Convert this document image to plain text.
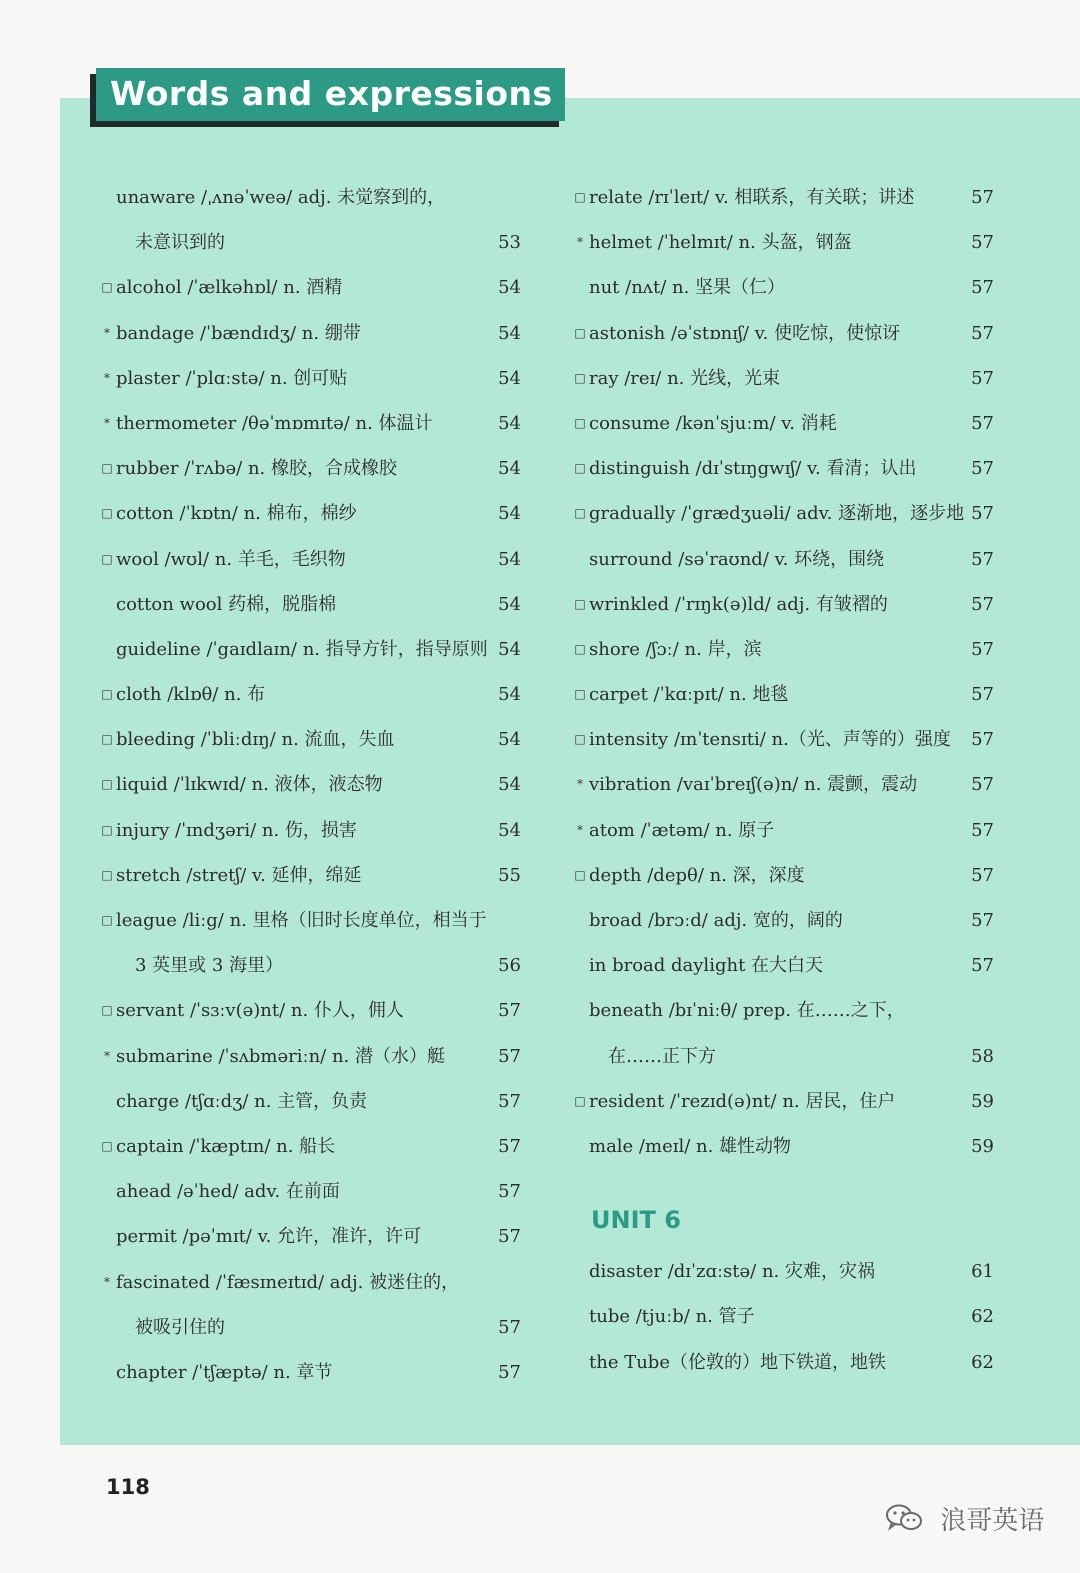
Words and expressions
unaware /ˌʌnəˈweə/ adj. 未觉察到的，
未意识到的	53
□ alcohol /ˈælkəhɒl/ n. 酒精	54
* bandage /ˈbændɪdʒ/ n. 绷带	54
* plaster /ˈplɑːstə/ n. 创可贴	54
* thermometer /θəˈmɒmɪtə/ n. 体温计	54
□ rubber /ˈrʌbə/ n. 橡胶，合成橡胶	54
□ cotton /ˈkɒtn/ n. 棉布，棉纱	54
□ wool /wʊl/ n. 羊毛，毛织物	54
cotton wool 药棉，脱脂棉	54
guideline /ˈgaɪdlaɪn/ n. 指导方针，指导原则 54
□ cloth /klɒθ/ n. 布	54
□ bleeding /ˈbliːdɪŋ/ n. 流血，失血	54
□ liquid /ˈlɪkwɪd/ n. 液体，液态物	54
□ injury /ˈɪndʒəri/ n. 伤，损害	54
□ stretch /stretʃ/ v. 延伸，绵延	55
□ league /liːg/ n. 里格（旧时长度单位，相当于
3 英里或 3 海里）	56
□ servant /ˈsɜːv(ə)nt/ n. 仆人，佣人	57
* submarine /ˈsʌbməriːn/ n. 潜（水）艇	57
charge /tʃɑːdʒ/ n. 主管，负责	57
□ captain /ˈkæptɪn/ n. 船长	57
ahead /əˈhed/ adv. 在前面	57
permit /pəˈmɪt/ v. 允许，准许，许可	57
* fascinated /ˈfæsɪneɪtɪd/ adj. 被迷住的，
被吸引住的	57
chapter /ˈtʃæptə/ n. 章节	57
□ relate /rɪˈleɪt/ v. 相联系，有关联；讲述	57
* helmet /ˈhelmɪt/ n. 头盔，钢盔	57
nut /nʌt/ n. 坚果（仁）	57
□ astonish /əˈstɒnɪʃ/ v. 使吃惊，使惊讶	57
□ ray /reɪ/ n. 光线，光束	57
□ consume /kənˈsjuːm/ v. 消耗	57
□ distinguish /dɪˈstɪŋgwɪʃ/ v. 看清；认出	57
□ gradually /ˈgrædʒuəli/ adv. 逐渐地，逐步地 57
surround /səˈraʊnd/ v. 环绕，围绕	57
□ wrinkled /ˈrɪŋk(ə)ld/ adj. 有皱褶的	57
□ shore /ʃɔː/ n. 岸，滨	57
□ carpet /ˈkɑːpɪt/ n. 地毯	57
□ intensity /ɪnˈtensɪti/ n.（光、声等的）强度 57
* vibration /vaɪˈbreɪʃ(ə)n/ n. 震颤，震动	57
* atom /ˈætəm/ n. 原子	57
□ depth /depθ/ n. 深，深度	57
broad /brɔːd/ adj. 宽的，阔的	57
in broad daylight 在大白天	57
beneath /bɪˈniːθ/ prep. 在……之下，
在……正下方	58
□ resident /ˈrezɪd(ə)nt/ n. 居民，住户	59
male /meɪl/ n. 雄性动物	59
UNIT 6
disaster /dɪˈzɑːstə/ n. 灾难，灾祸	61
tube /tjuːb/ n. 管子	62
the Tube（伦敦的）地下铁道，地铁	62
118
浪哥英语
